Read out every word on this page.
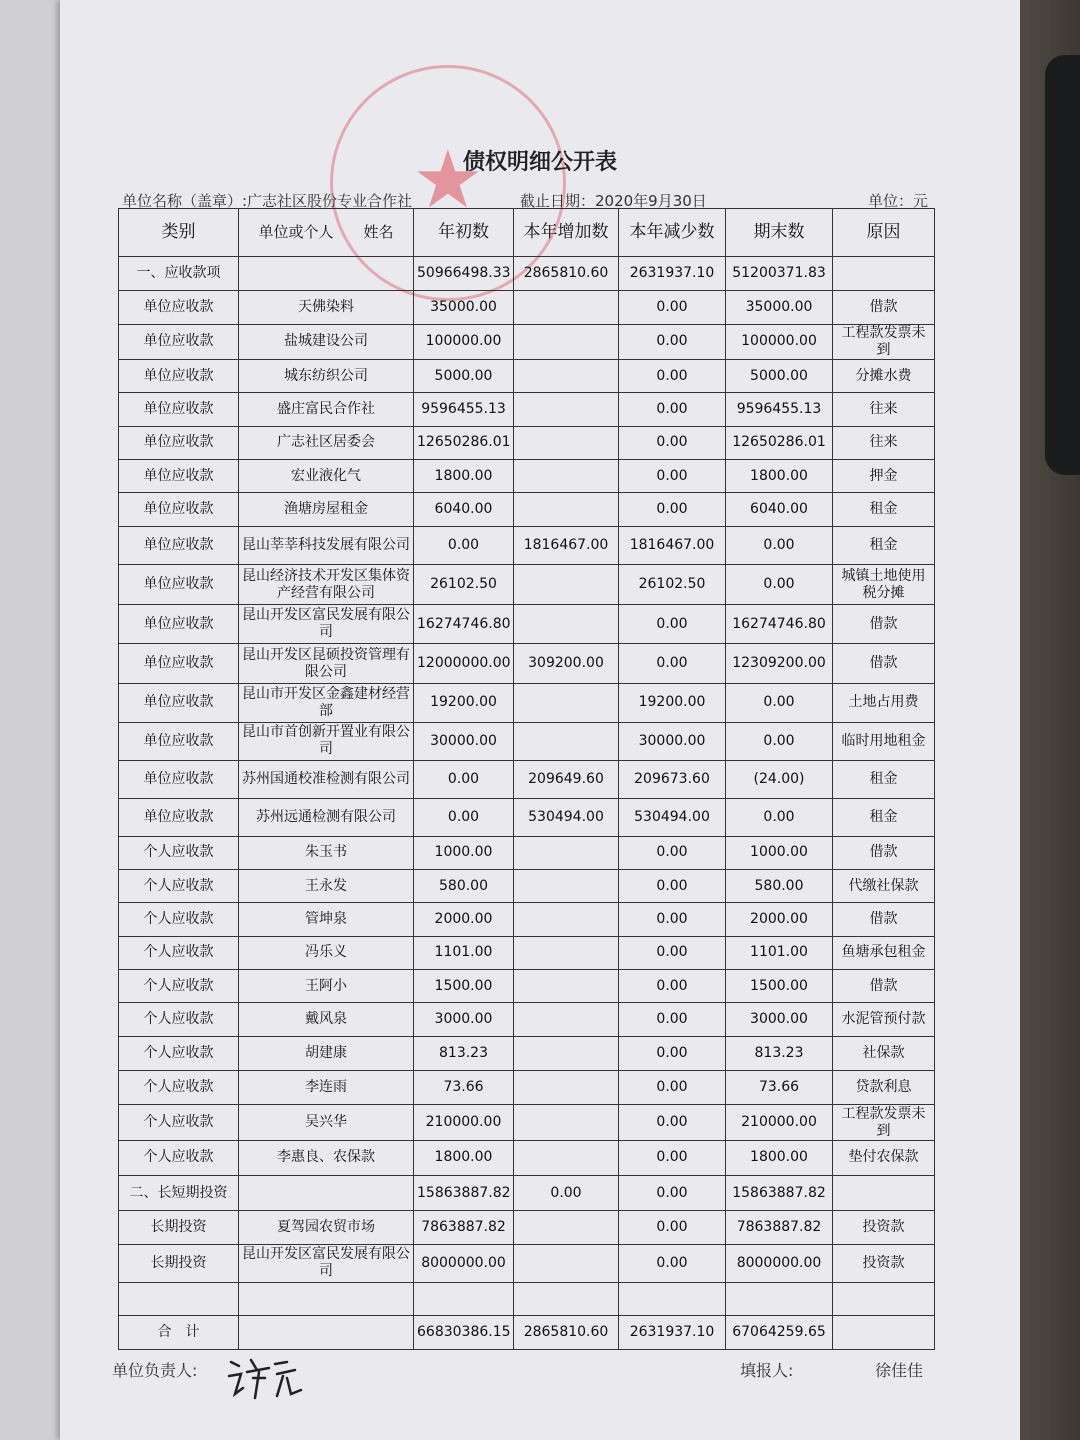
★
债权明细公开表
单位名称（盖章）:广志社区股份专业合作社	截止日期：2020年9月30日	单位：元
类别	单位或个人　　姓名	年初数	本年增加数	本年减少数	期末数	原因
一、应收款项		50966498.33	2865810.60	2631937.10	51200371.83	
单位应收款	天佛染料	35000.00		0.00	35000.00	借款
单位应收款	盐城建设公司	100000.00		0.00	100000.00	工程款发票未到
单位应收款	城东纺织公司	5000.00		0.00	5000.00	分摊水费
单位应收款	盛庄富民合作社	9596455.13		0.00	9596455.13	往来
单位应收款	广志社区居委会	12650286.01		0.00	12650286.01	往来
单位应收款	宏业液化气	1800.00		0.00	1800.00	押金
单位应收款	渔塘房屋租金	6040.00		0.00	6040.00	租金
单位应收款	昆山莘莘科技发展有限公司	0.00	1816467.00	1816467.00	0.00	租金
单位应收款	昆山经济技术开发区集体资产经营有限公司	26102.50		26102.50	0.00	城镇土地使用税分摊
单位应收款	昆山开发区富民发展有限公司	16274746.80		0.00	16274746.80	借款
单位应收款	昆山开发区昆硕投资管理有限公司	12000000.00	309200.00	0.00	12309200.00	借款
单位应收款	昆山市开发区金鑫建材经营部	19200.00		19200.00	0.00	土地占用费
单位应收款	昆山市首创新开置业有限公司	30000.00		30000.00	0.00	临时用地租金
单位应收款	苏州国通校准检测有限公司	0.00	209649.60	209673.60	(24.00)	租金
单位应收款	苏州远通检测有限公司	0.00	530494.00	530494.00	0.00	租金
个人应收款	朱玉书	1000.00		0.00	1000.00	借款
个人应收款	王永发	580.00		0.00	580.00	代缴社保款
个人应收款	管坤泉	2000.00		0.00	2000.00	借款
个人应收款	冯乐义	1101.00		0.00	1101.00	鱼塘承包租金
个人应收款	王阿小	1500.00		0.00	1500.00	借款
个人应收款	戴风泉	3000.00		0.00	3000.00	水泥管预付款
个人应收款	胡建康	813.23		0.00	813.23	社保款
个人应收款	李连雨	73.66		0.00	73.66	贷款利息
个人应收款	吴兴华	210000.00		0.00	210000.00	工程款发票未到
个人应收款	李惠良、农保款	1800.00		0.00	1800.00	垫付农保款
二、长短期投资		15863887.82	0.00	0.00	15863887.82	
长期投资	夏驾园农贸市场	7863887.82		0.00	7863887.82	投资款
长期投资	昆山开发区富民发展有限公司	8000000.00		0.00	8000000.00	投资款

合　计		66830386.15	2865810.60	2631937.10	67064259.65	
单位负责人:	填报人:	徐佳佳
